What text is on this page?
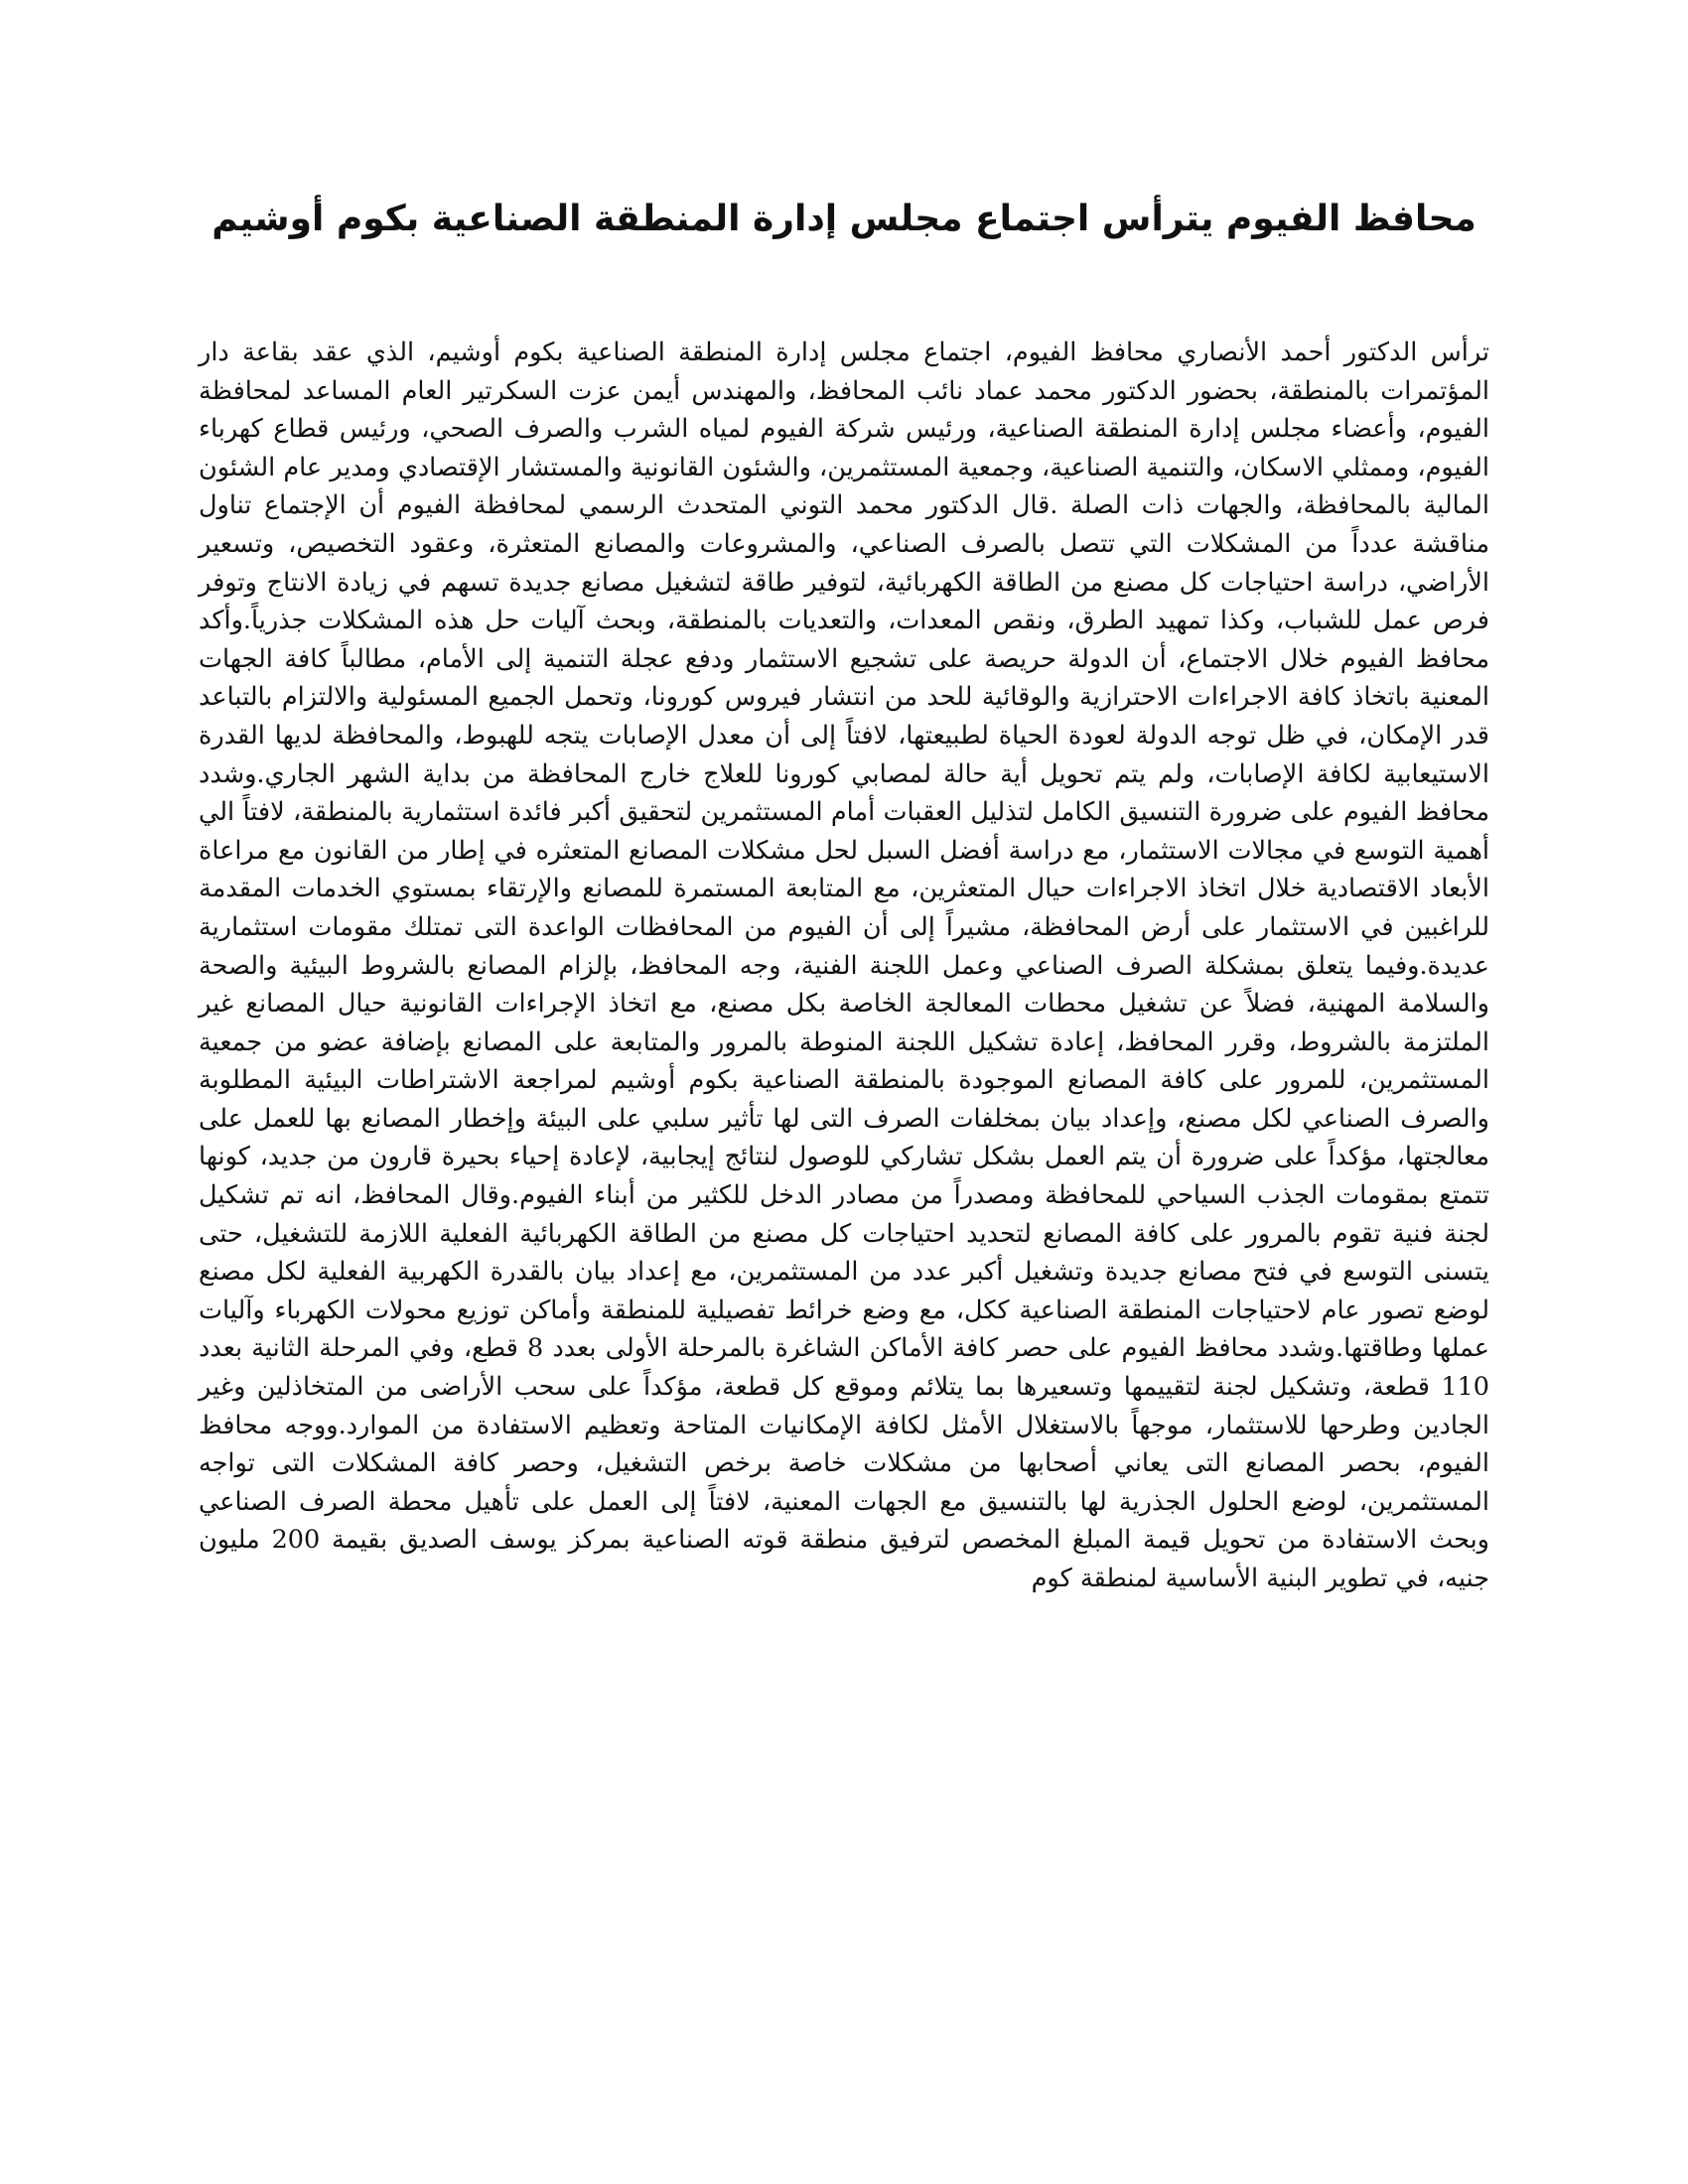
محافظ الفيوم يترأس اجتماع مجلس إدارة المنطقة الصناعية بكوم أوشيم

ترأس الدكتور أحمد الأنصاري محافظ الفيوم، اجتماع مجلس إدارة المنطقة الصناعية بكوم أوشيم، الذي عقد بقاعة دار المؤتمرات بالمنطقة، بحضور الدكتور محمد عماد نائب المحافظ، والمهندس أيمن عزت السكرتير العام المساعد لمحافظة الفيوم، وأعضاء مجلس إدارة المنطقة الصناعية، ورئيس شركة الفيوم لمياه الشرب والصرف الصحي، ورئيس قطاع كهرباء الفيوم، وممثلي الاسكان، والتنمية الصناعية، وجمعية المستثمرين، والشئون القانونية والمستشار الإقتصادي ومدير عام الشئون المالية بالمحافظة، والجهات ذات الصلة .قال الدكتور محمد التوني المتحدث الرسمي لمحافظة الفيوم أن الإجتماع تناول مناقشة عدداً من المشكلات التي تتصل بالصرف الصناعي، والمشروعات والمصانع المتعثرة، وعقود التخصيص، وتسعير الأراضي، دراسة احتياجات كل مصنع من الطاقة الكهربائية، لتوفير طاقة لتشغيل مصانع جديدة تسهم في زيادة الانتاج وتوفر فرص عمل للشباب، وكذا تمهيد الطرق، ونقص المعدات، والتعديات بالمنطقة، وبحث آليات حل هذه المشكلات جذرياً.وأكد محافظ الفيوم خلال الاجتماع، أن الدولة حريصة على تشجيع الاستثمار ودفع عجلة التنمية إلى الأمام، مطالباً كافة الجهات المعنية باتخاذ كافة الاجراءات الاحترازية والوقائية للحد من انتشار فيروس كورونا، وتحمل الجميع المسئولية والالتزام بالتباعد قدر الإمكان، في ظل توجه الدولة لعودة الحياة لطبيعتها، لافتاً إلى أن معدل الإصابات يتجه للهبوط، والمحافظة لديها القدرة الاستيعابية لكافة الإصابات، ولم يتم تحويل أية حالة لمصابي كورونا للعلاج خارج المحافظة من بداية الشهر الجاري.وشدد محافظ الفيوم على ضرورة التنسيق الكامل لتذليل العقبات أمام المستثمرين لتحقيق أكبر فائدة استثمارية بالمنطقة، لافتاً الي أهمية التوسع في مجالات الاستثمار، مع دراسة أفضل السبل لحل مشكلات المصانع المتعثره في إطار من القانون مع مراعاة الأبعاد الاقتصادية خلال اتخاذ الاجراءات حيال المتعثرين، مع المتابعة المستمرة للمصانع والإرتقاء بمستوي الخدمات المقدمة للراغبين في الاستثمار على أرض المحافظة، مشيراً إلى أن الفيوم من المحافظات الواعدة التى تمتلك مقومات استثمارية عديدة.وفيما يتعلق بمشكلة الصرف الصناعي وعمل اللجنة الفنية، وجه المحافظ، بإلزام المصانع بالشروط البيئية والصحة والسلامة المهنية، فضلاً عن تشغيل محطات المعالجة الخاصة بكل مصنع، مع اتخاذ الإجراءات القانونية حيال المصانع غير الملتزمة بالشروط، وقرر المحافظ، إعادة تشكيل اللجنة المنوطة بالمرور والمتابعة على المصانع بإضافة عضو من جمعية المستثمرين، للمرور على كافة المصانع الموجودة بالمنطقة الصناعية بكوم أوشيم لمراجعة الاشتراطات البيئية المطلوبة والصرف الصناعي لكل مصنع، وإعداد بيان بمخلفات الصرف التى لها تأثير سلبي على البيئة وإخطار المصانع بها للعمل على معالجتها، مؤكداً على ضرورة أن يتم العمل بشكل تشاركي للوصول لنتائج إيجابية، لإعادة إحياء بحيرة قارون من جديد، كونها تتمتع بمقومات الجذب السياحي للمحافظة ومصدراً من مصادر الدخل للكثير من أبناء الفيوم.وقال المحافظ، انه تم تشكيل لجنة فنية تقوم بالمرور على كافة المصانع لتحديد احتياجات كل مصنع من الطاقة الكهربائية الفعلية اللازمة للتشغيل، حتى يتسنى التوسع في فتح مصانع جديدة وتشغيل أكبر عدد من المستثمرين، مع إعداد بيان بالقدرة الكهربية الفعلية لكل مصنع لوضع تصور عام لاحتياجات المنطقة الصناعية ككل، مع وضع خرائط تفصيلية للمنطقة وأماكن توزيع محولات الكهرباء وآليات عملها وطاقتها.وشدد محافظ الفيوم على حصر كافة الأماكن الشاغرة بالمرحلة الأولى بعدد 8 قطع، وفي المرحلة الثانية بعدد 110 قطعة، وتشكيل لجنة لتقييمها وتسعيرها بما يتلائم وموقع كل قطعة، مؤكداً على سحب الأراضى من المتخاذلين وغير الجادين وطرحها للاستثمار، موجهاً بالاستغلال الأمثل لكافة الإمكانيات المتاحة وتعظيم الاستفادة من الموارد.ووجه محافظ الفيوم، بحصر المصانع التى يعاني أصحابها من مشكلات خاصة برخص التشغيل، وحصر كافة المشكلات التى تواجه المستثمرين، لوضع الحلول الجذرية لها بالتنسيق مع الجهات المعنية، لافتاً إلى العمل على تأهيل محطة الصرف الصناعي وبحث الاستفادة من تحويل قيمة المبلغ المخصص لترفيق منطقة قوته الصناعية بمركز يوسف الصديق بقيمة 200 مليون جنيه، في تطوير البنية الأساسية لمنطقة كوم
